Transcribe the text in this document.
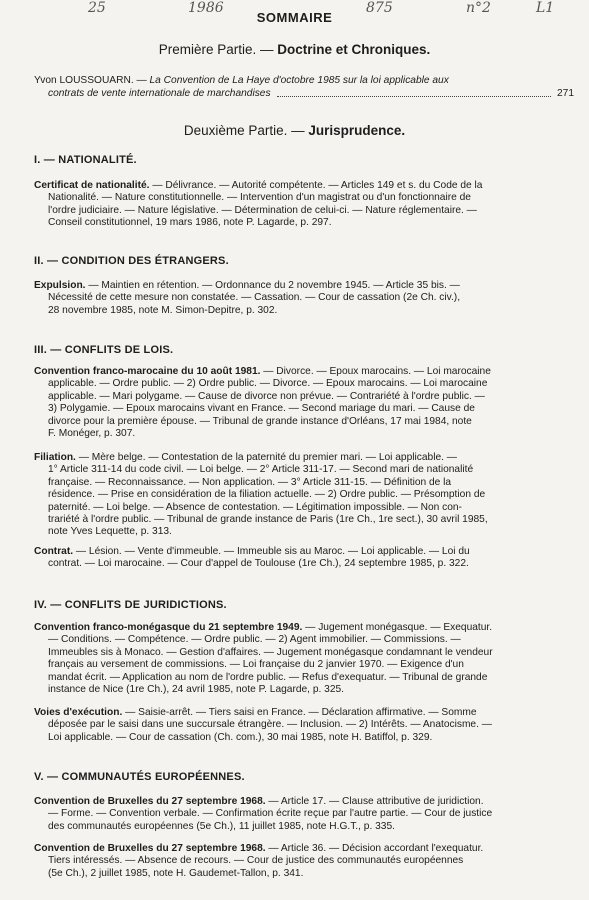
25	1986	875	n°2	L1
SOMMAIRE
Première Partie. — Doctrine et Chroniques.
Yvon LOUSSOUARN. — La Convention de La Haye d'octobre 1985 sur la loi applicable aux
contrats de vente internationale de marchandises	271
Deuxième Partie. — Jurisprudence.
I. — NATIONALITÉ.
Certificat de nationalité. — Délivrance. — Autorité compétente. — Articles 149 et s. du Code de la
Nationalité. — Nature constitutionnelle. — Intervention d'un magistrat ou d'un fonctionnaire de
l'ordre judiciaire. — Nature législative. — Détermination de celui-ci. — Nature réglementaire. —
Conseil constitutionnel, 19 mars 1986, note P. Lagarde, p. 297.
II. — CONDITION DES ÉTRANGERS.
Expulsion. — Maintien en rétention. — Ordonnance du 2 novembre 1945. — Article 35 bis. —
Nécessité de cette mesure non constatée. — Cassation. — Cour de cassation (2e Ch. civ.),
28 novembre 1985, note M. Simon-Depitre, p. 302.
III. — CONFLITS DE LOIS.
Convention franco-marocaine du 10 août 1981. — Divorce. — Epoux marocains. — Loi marocaine
applicable. — Ordre public. — 2) Ordre public. — Divorce. — Epoux marocains. — Loi marocaine
applicable. — Mari polygame. — Cause de divorce non prévue. — Contrariété à l'ordre public. —
3) Polygamie. — Epoux marocains vivant en France. — Second mariage du mari. — Cause de
divorce pour la première épouse. — Tribunal de grande instance d'Orléans, 17 mai 1984, note
F. Monéger, p. 307.
Filiation. — Mère belge. — Contestation de la paternité du premier mari. — Loi applicable. —
1° Article 311-14 du code civil. — Loi belge. — 2° Article 311-17. — Second mari de nationalité
française. — Reconnaissance. — Non application. — 3° Article 311-15. — Définition de la
résidence. — Prise en considération de la filiation actuelle. — 2) Ordre public. — Présomption de
paternité. — Loi belge. — Absence de contestation. — Légitimation impossible. — Non con-
trariété à l'ordre public. — Tribunal de grande instance de Paris (1re Ch., 1re sect.), 30 avril 1985,
note Yves Lequette, p. 313.
Contrat. — Lésion. — Vente d'immeuble. — Immeuble sis au Maroc. — Loi applicable. — Loi du
contrat. — Loi marocaine. — Cour d'appel de Toulouse (1re Ch.), 24 septembre 1985, p. 322.
IV. — CONFLITS DE JURIDICTIONS.
Convention franco-monégasque du 21 septembre 1949. — Jugement monégasque. — Exequatur.
— Conditions. — Compétence. — Ordre public. — 2) Agent immobilier. — Commissions. —
Immeubles sis à Monaco. — Gestion d'affaires. — Jugement monégasque condamnant le vendeur
français au versement de commissions. — Loi française du 2 janvier 1970. — Exigence d'un
mandat écrit. — Application au nom de l'ordre public. — Refus d'exequatur. — Tribunal de grande
instance de Nice (1re Ch.), 24 avril 1985, note P. Lagarde, p. 325.
Voies d'exécution. — Saisie-arrêt. — Tiers saisi en France. — Déclaration affirmative. — Somme
déposée par le saisi dans une succursale étrangère. — Inclusion. — 2) Intérêts. — Anatocisme. —
Loi applicable. — Cour de cassation (Ch. com.), 30 mai 1985, note H. Batiffol, p. 329.
V. — COMMUNAUTÉS EUROPÉENNES.
Convention de Bruxelles du 27 septembre 1968. — Article 17. — Clause attributive de juridiction.
— Forme. — Convention verbale. — Confirmation écrite reçue par l'autre partie. — Cour de justice
des communautés européennes (5e Ch.), 11 juillet 1985, note H.G.T., p. 335.
Convention de Bruxelles du 27 septembre 1968. — Article 36. — Décision accordant l'exequatur.
Tiers intéressés. — Absence de recours. — Cour de justice des communautés européennes
(5e Ch.), 2 juillet 1985, note H. Gaudemet-Tallon, p. 341.
